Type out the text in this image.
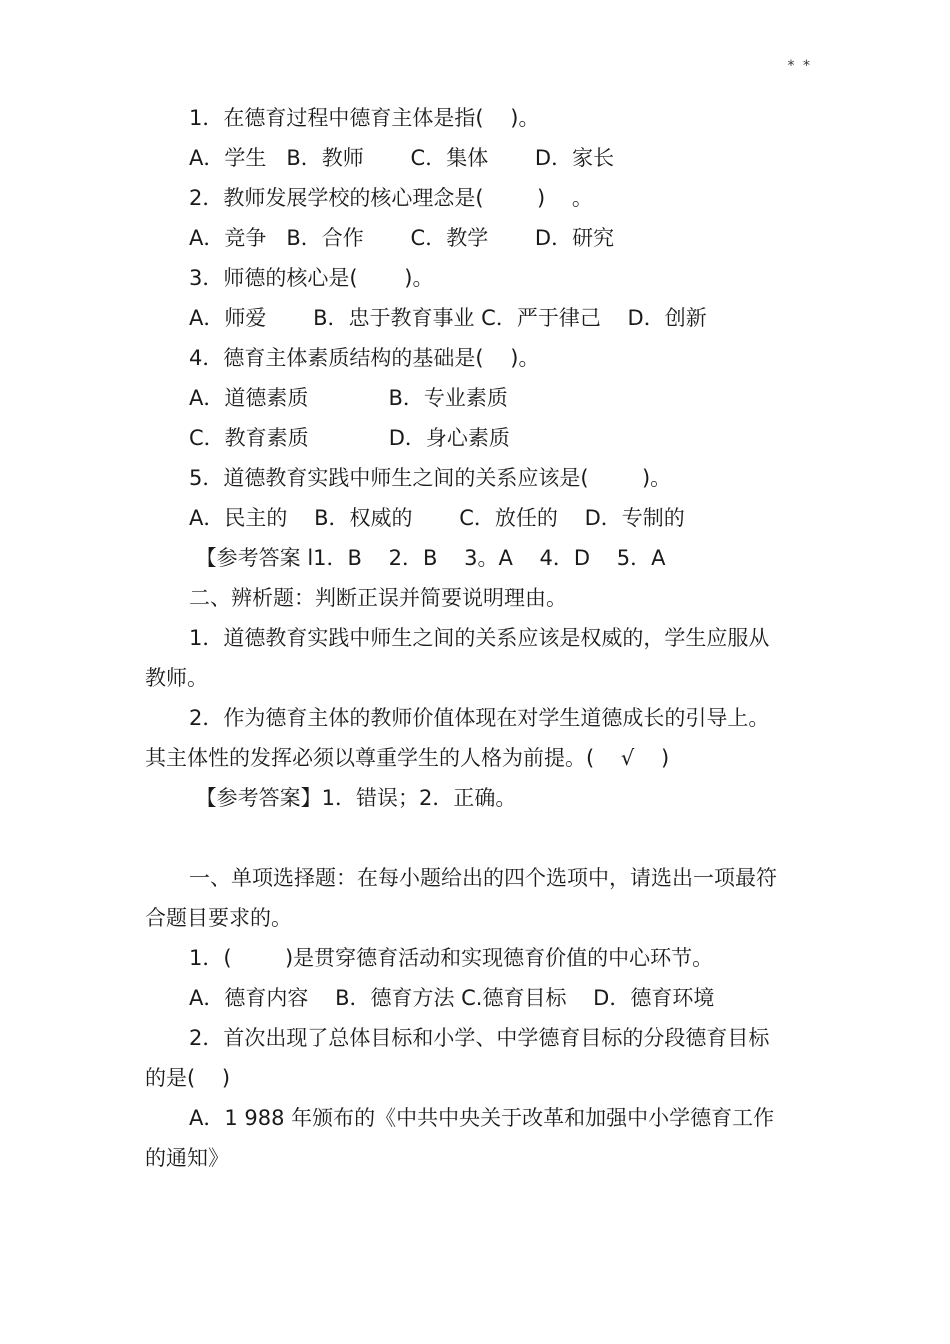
* *
1．在德育过程中德育主体是指(    )。
A．学生   B．教师       C．集体       D．家长
2．教师发展学校的核心理念是(        )    。
A．竞争   B．合作       C．教学       D．研究
3．师德的核心是(       )。
A．师爱       B．忠于教育事业 C．严于律己    D．创新
4．德育主体素质结构的基础是(    )。
A．道德素质            B．专业素质
C．教育素质            D．身心素质
5．道德教育实践中师生之间的关系应该是(        )。
A．民主的    B．权威的       C．放任的    D．专制的
【参考答案 l1．B    2．B    3。A    4．D    5．A
二、辨析题：判断正误并简要说明理由。
1．道德教育实践中师生之间的关系应该是权威的，学生应服从
教师。
2．作为德育主体的教师价值体现在对学生道德成长的引导上。
其主体性的发挥必须以尊重学生的人格为前提。(    √    )
【参考答案】1．错误；2．正确。
一、单项选择题：在每小题给出的四个选项中，请选出一项最符
合题目要求的。
1．(        )是贯穿德育活动和实现德育价值的中心环节。
A．德育内容    B．德育方法 C.德育目标    D．德育环境
2．首次出现了总体目标和小学、中学德育目标的分段德育目标
的是(    )
A．1 988 年颁布的《中共中央关于改革和加强中小学德育工作
的通知》
